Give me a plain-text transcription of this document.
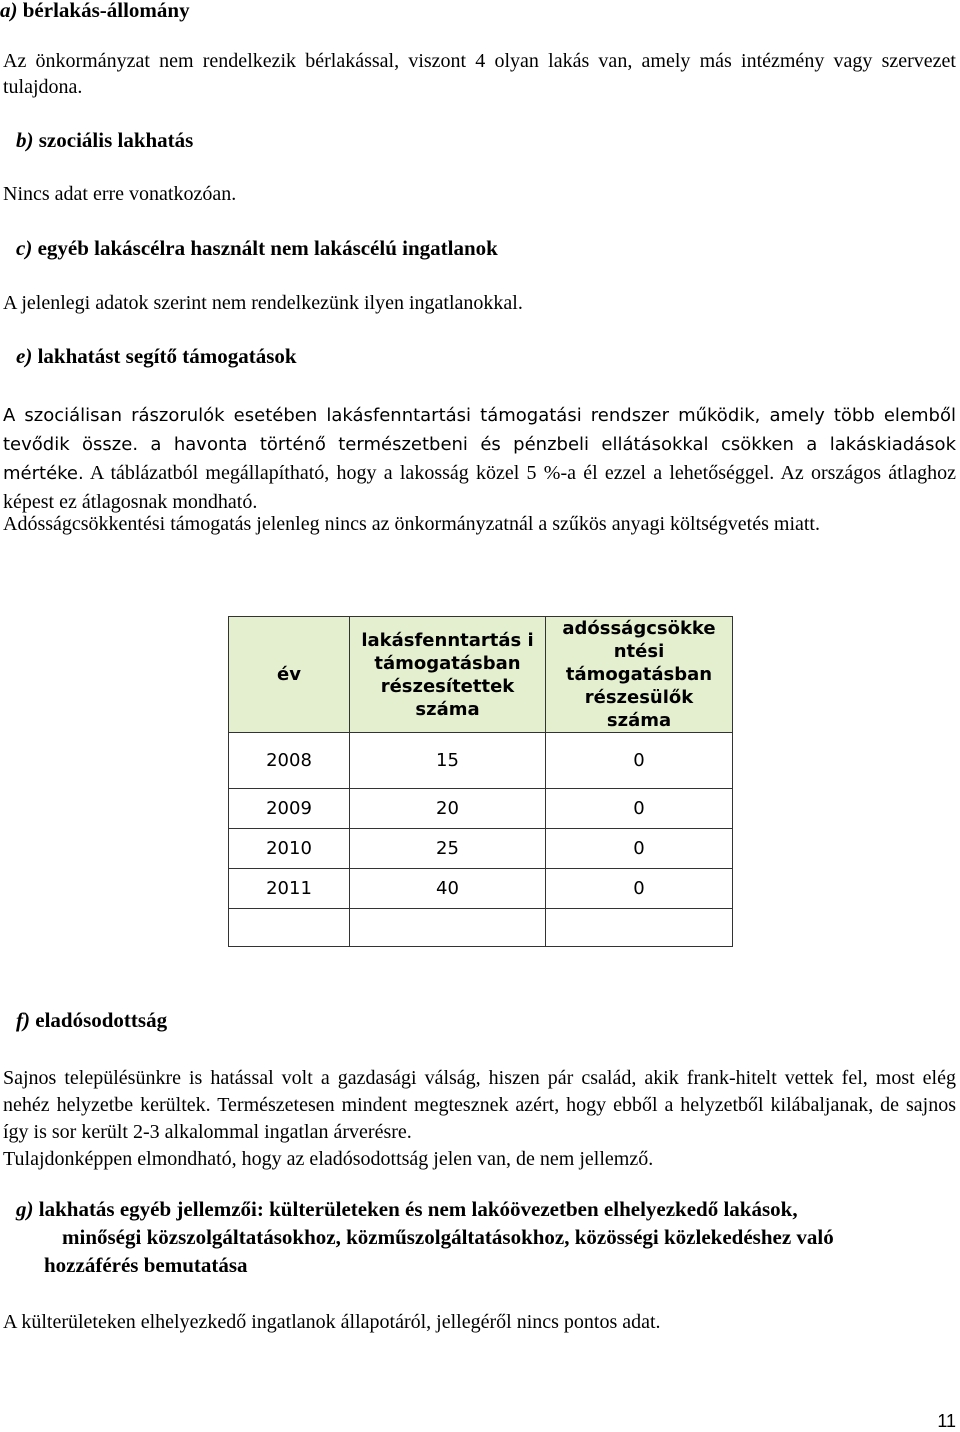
a) bérlakás-állomány

Az önkormányzat nem rendelkezik bérlakással, viszont 4 olyan lakás van, amely más intézmény vagy szervezet tulajdona.

b) szociális lakhatás

Nincs adat erre vonatkozóan.

c) egyéb lakáscélra használt nem lakáscélú ingatlanok

A jelenlegi adatok szerint nem rendelkezünk ilyen ingatlanokkal.

e) lakhatást segítő támogatások

A szociálisan rászorulók esetében lakásfenntartási támogatási rendszer működik, amely több elemből tevődik össze. a havonta történő természetbeni és pénzbeli ellátásokkal csökken a lakáskiadások mértéke. A táblázatból megállapítható, hogy a lakosság közel 5 %-a él ezzel a lehetőséggel. Az országos átlaghoz képest ez átlagosnak mondható.

Adósságcsökkentési támogatás jelenleg nincs az önkormányzatnál a szűkös anyagi költségvetés miatt.

év	lakásfenntartás i támogatásban részesítettek száma	adósságcsökke ntési támogatásban részesülők száma
2008	15	0
2009	20	0
2010	25	0
2011	40	0

f) eladósodottság

Sajnos településünkre is hatással volt a gazdasági válság, hiszen pár család, akik frank-hitelt vettek fel, most elég nehéz helyzetbe kerültek. Természetesen mindent megtesznek azért, hogy ebből a helyzetből kilábaljanak, de sajnos így is sor került 2-3 alkalommal ingatlan árverésre.

Tulajdonképpen elmondható, hogy az eladósodottság jelen van, de nem jellemző.

g) lakhatás egyéb jellemzői: külterületeken és nem lakóövezetben elhelyezkedő lakások,
minőségi közszolgáltatásokhoz, közműszolgáltatásokhoz, közösségi közlekedéshez való
hozzáférés bemutatása

A külterületeken elhelyezkedő ingatlanok állapotáról, jellegéről nincs pontos adat.

11
